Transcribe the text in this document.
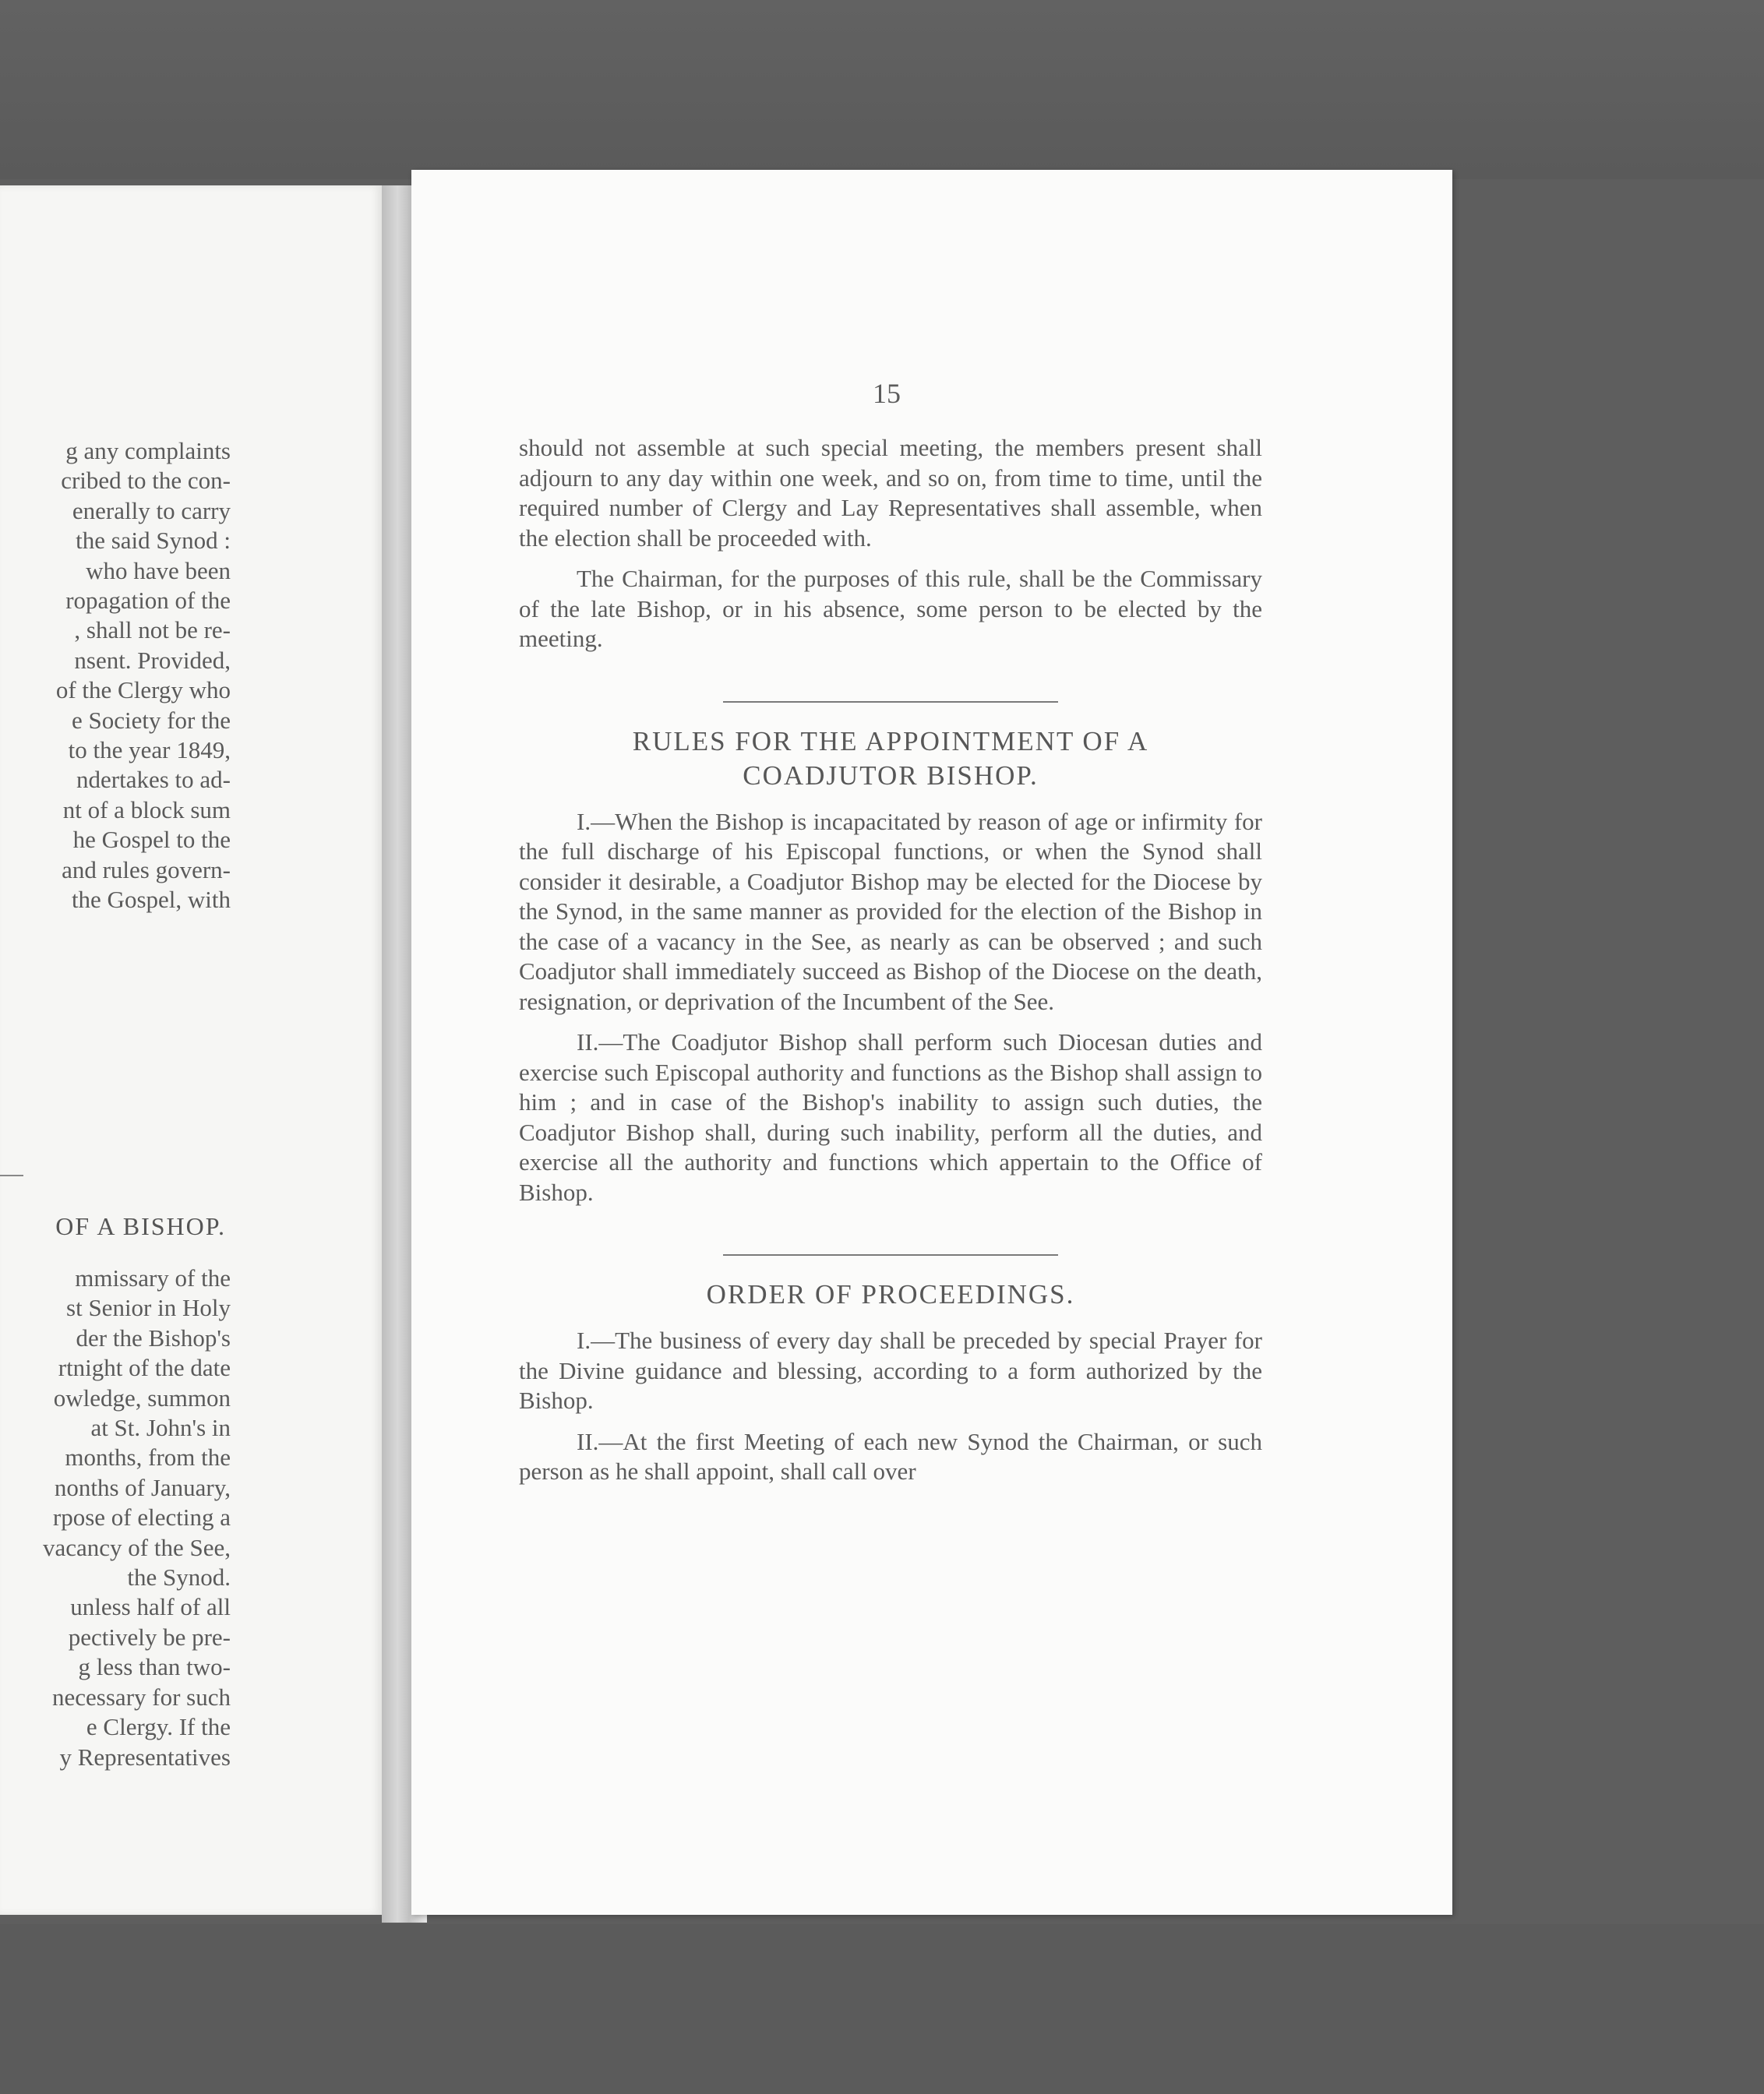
g any complaints

cribed to the con-

enerally to carry

the said Synod :

who have been

ropagation of the

, shall not be re-

nsent. Provided,

of the Clergy who

e Society for the

to the year 1849,

ndertakes to ad-

nt of a block sum

he Gospel to the

and rules govern-

the Gospel, with

OF A BISHOP.

mmissary of the

st Senior in Holy

der the Bishop's

rtnight of the date

owledge, summon

at St. John's in

months, from the

nonths of January,

rpose of electing a

vacancy of the See,

the Synod.

unless half of all

pectively be pre-

g less than two-

necessary for such

e Clergy. If the

y Representatives

15

should not assemble at such special meeting, the members present shall adjourn to any day within one week, and so on, from time to time, until the required number of Clergy and Lay Representatives shall assemble, when the election shall be proceeded with.

The Chairman, for the purposes of this rule, shall be the Commissary of the late Bishop, or in his absence, some person to be elected by the meeting.

RULES FOR THE APPOINTMENT OF A
COADJUTOR BISHOP.

I.—When the Bishop is incapacitated by reason of age or infirmity for the full discharge of his Episcopal functions, or when the Synod shall consider it desirable, a Coadjutor Bishop may be elected for the Diocese by the Synod, in the same manner as provided for the election of the Bishop in the case of a vacancy in the See, as nearly as can be observed ; and such Coadjutor shall immediately succeed as Bishop of the Diocese on the death, resignation, or deprivation of the Incumbent of the See.

II.—The Coadjutor Bishop shall perform such Diocesan duties and exercise such Episcopal authority and functions as the Bishop shall assign to him ; and in case of the Bishop's inability to assign such duties, the Coadjutor Bishop shall, during such inability, perform all the duties, and exercise all the authority and functions which appertain to the Office of Bishop.

ORDER OF PROCEEDINGS.

I.—The business of every day shall be preceded by special Prayer for the Divine guidance and blessing, according to a form authorized by the Bishop.

II.—At the first Meeting of each new Synod the Chairman, or such person as he shall appoint, shall call over
